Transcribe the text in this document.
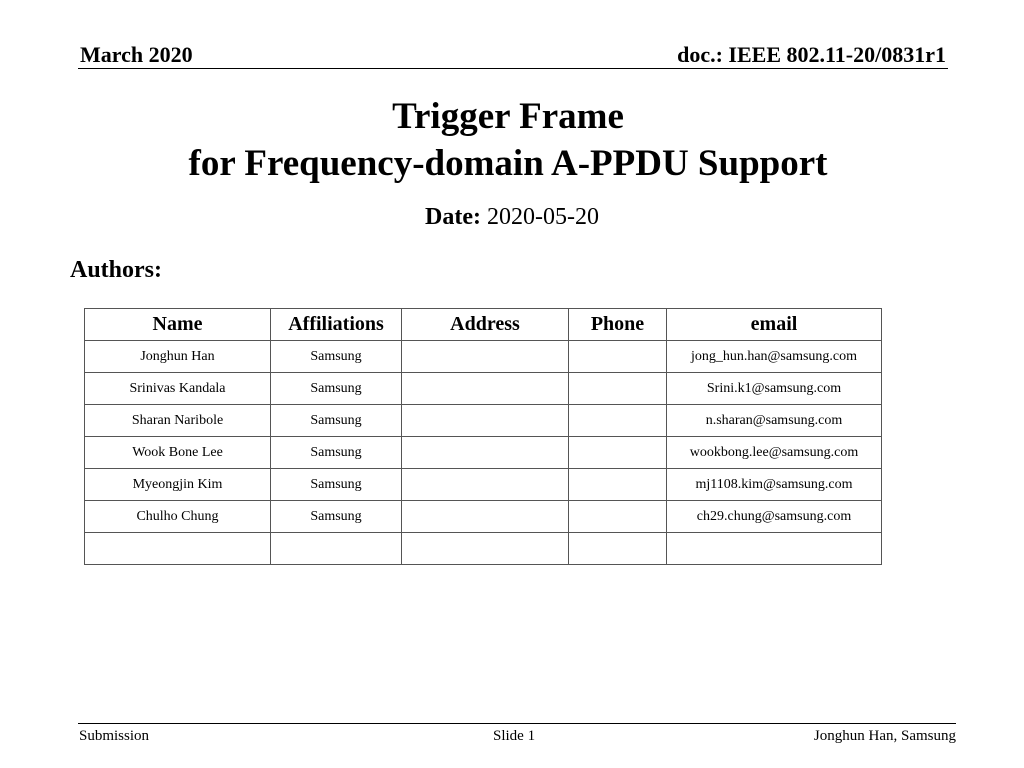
March 2020	doc.: IEEE 802.11-20/0831r1
Trigger Frame
for Frequency-domain A-PPDU Support
Date: 2020-05-20
Authors:
Name	Affiliations	Address	Phone	email
Jonghun Han	Samsung			jong_hun.han@samsung.com
Srinivas Kandala	Samsung			Srini.k1@samsung.com
Sharan Naribole	Samsung			n.sharan@samsung.com
Wook Bone Lee	Samsung			wookbong.lee@samsung.com
Myeongjin Kim	Samsung			mj1108.kim@samsung.com
Chulho Chung	Samsung			ch29.chung@samsung.com

Submission	Slide 1	Jonghun Han, Samsung
